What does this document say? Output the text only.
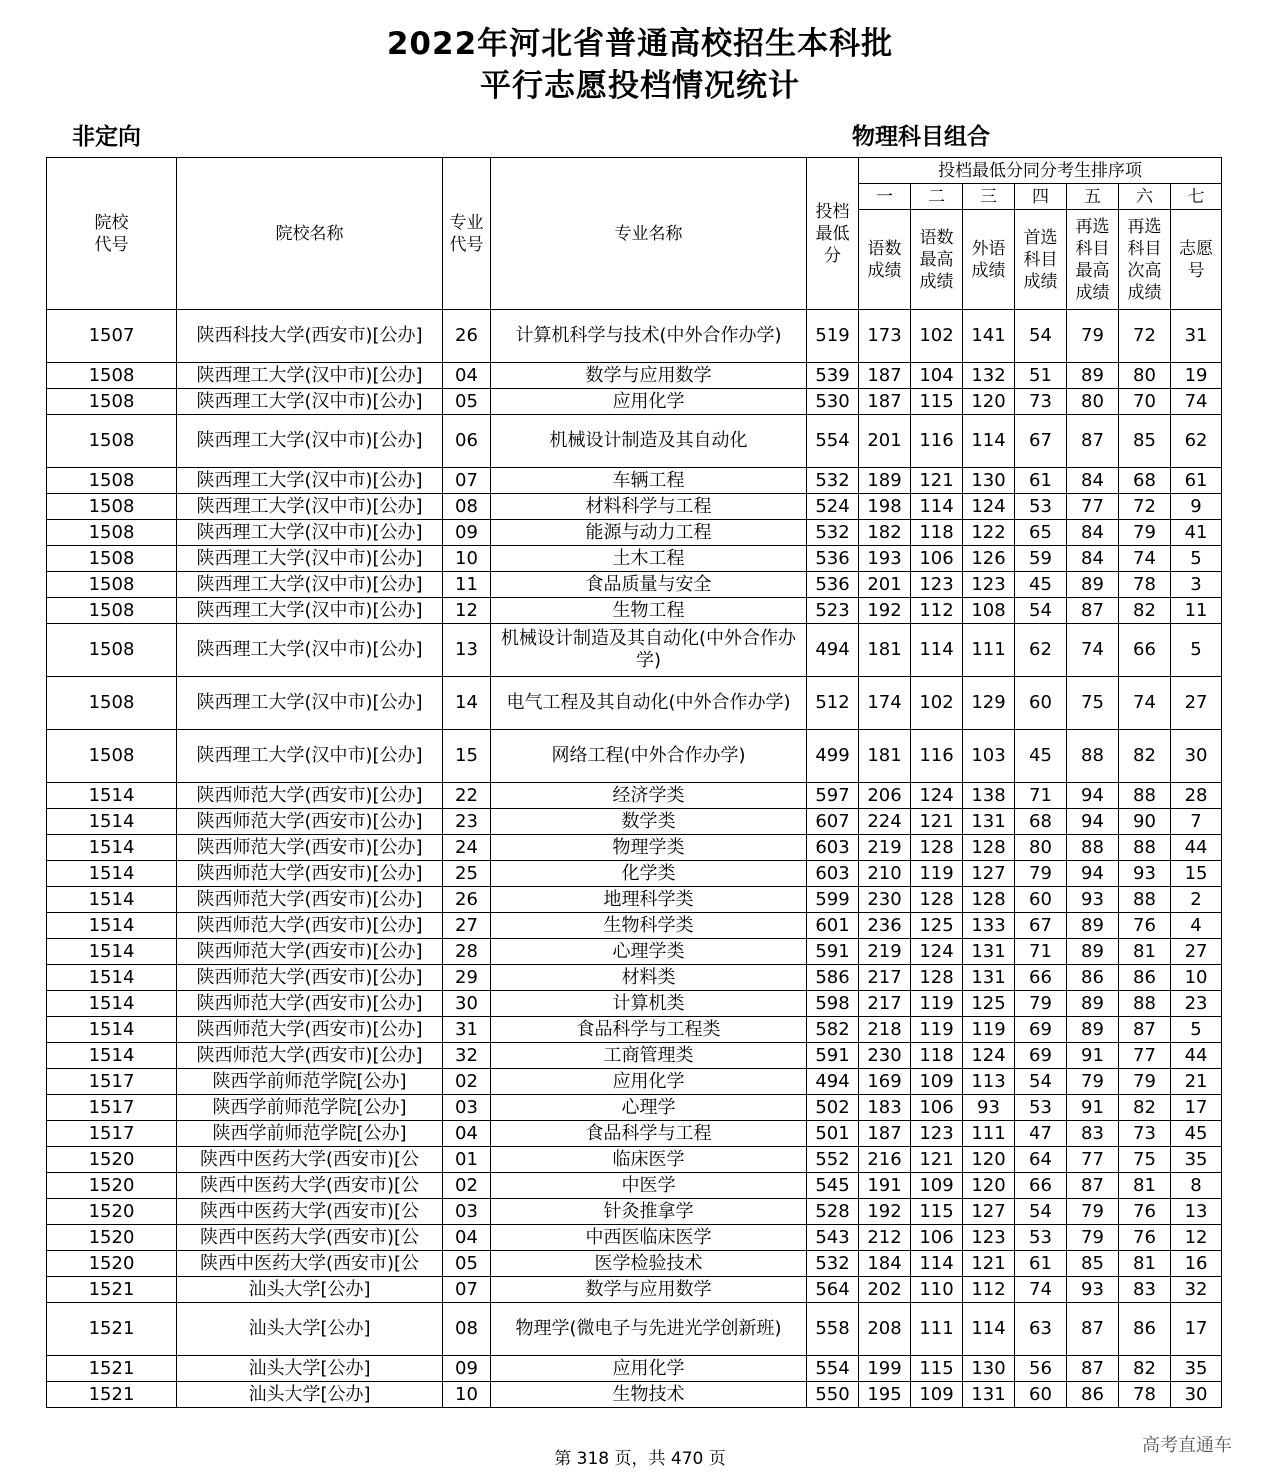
2022年河北省普通高校招生本科批
平行志愿投档情况统计
非定向	物理科目组合
院校代号	院校名称	专业代号	专业名称	投档最低分	投档最低分同分考生排序项						
					一	二	三	四	五	六	七
					语数成绩	语数最高成绩	外语成绩	首选科目成绩	再选科目最高成绩	再选科目次高成绩	志愿号
1507	陕西科技大学(西安市)[公办]	26	计算机科学与技术(中外合作办学)	519	173	102	141	54	79	72	31
1508	陕西理工大学(汉中市)[公办]	04	数学与应用数学	539	187	104	132	51	89	80	19
1508	陕西理工大学(汉中市)[公办]	05	应用化学	530	187	115	120	73	80	70	74
1508	陕西理工大学(汉中市)[公办]	06	机械设计制造及其自动化	554	201	116	114	67	87	85	62
1508	陕西理工大学(汉中市)[公办]	07	车辆工程	532	189	121	130	61	84	68	61
1508	陕西理工大学(汉中市)[公办]	08	材料科学与工程	524	198	114	124	53	77	72	9
1508	陕西理工大学(汉中市)[公办]	09	能源与动力工程	532	182	118	122	65	84	79	41
1508	陕西理工大学(汉中市)[公办]	10	土木工程	536	193	106	126	59	84	74	5
1508	陕西理工大学(汉中市)[公办]	11	食品质量与安全	536	201	123	123	45	89	78	3
1508	陕西理工大学(汉中市)[公办]	12	生物工程	523	192	112	108	54	87	82	11
1508	陕西理工大学(汉中市)[公办]	13	机械设计制造及其自动化(中外合作办学)	494	181	114	111	62	74	66	5
1508	陕西理工大学(汉中市)[公办]	14	电气工程及其自动化(中外合作办学)	512	174	102	129	60	75	74	27
1508	陕西理工大学(汉中市)[公办]	15	网络工程(中外合作办学)	499	181	116	103	45	88	82	30
1514	陕西师范大学(西安市)[公办]	22	经济学类	597	206	124	138	71	94	88	28
1514	陕西师范大学(西安市)[公办]	23	数学类	607	224	121	131	68	94	90	7
1514	陕西师范大学(西安市)[公办]	24	物理学类	603	219	128	128	80	88	88	44
1514	陕西师范大学(西安市)[公办]	25	化学类	603	210	119	127	79	94	93	15
1514	陕西师范大学(西安市)[公办]	26	地理科学类	599	230	128	128	60	93	88	2
1514	陕西师范大学(西安市)[公办]	27	生物科学类	601	236	125	133	67	89	76	4
1514	陕西师范大学(西安市)[公办]	28	心理学类	591	219	124	131	71	89	81	27
1514	陕西师范大学(西安市)[公办]	29	材料类	586	217	128	131	66	86	86	10
1514	陕西师范大学(西安市)[公办]	30	计算机类	598	217	119	125	79	89	88	23
1514	陕西师范大学(西安市)[公办]	31	食品科学与工程类	582	218	119	119	69	89	87	5
1514	陕西师范大学(西安市)[公办]	32	工商管理类	591	230	118	124	69	91	77	44
1517	陕西学前师范学院[公办]	02	应用化学	494	169	109	113	54	79	79	21
1517	陕西学前师范学院[公办]	03	心理学	502	183	106	93	53	91	82	17
1517	陕西学前师范学院[公办]	04	食品科学与工程	501	187	123	111	47	83	73	45
1520	陕西中医药大学(西安市)[公	01	临床医学	552	216	121	120	64	77	75	35
1520	陕西中医药大学(西安市)[公	02	中医学	545	191	109	120	66	87	81	8
1520	陕西中医药大学(西安市)[公	03	针灸推拿学	528	192	115	127	54	79	76	13
1520	陕西中医药大学(西安市)[公	04	中西医临床医学	543	212	106	123	53	79	76	12
1520	陕西中医药大学(西安市)[公	05	医学检验技术	532	184	114	121	61	85	81	16
1521	汕头大学[公办]	07	数学与应用数学	564	202	110	112	74	93	83	32
1521	汕头大学[公办]	08	物理学(微电子与先进光学创新班)	558	208	111	114	63	87	86	17
1521	汕头大学[公办]	09	应用化学	554	199	115	130	56	87	82	35
1521	汕头大学[公办]	10	生物技术	550	195	109	131	60	86	78	30
第 318 页，共 470 页
高考直通车
